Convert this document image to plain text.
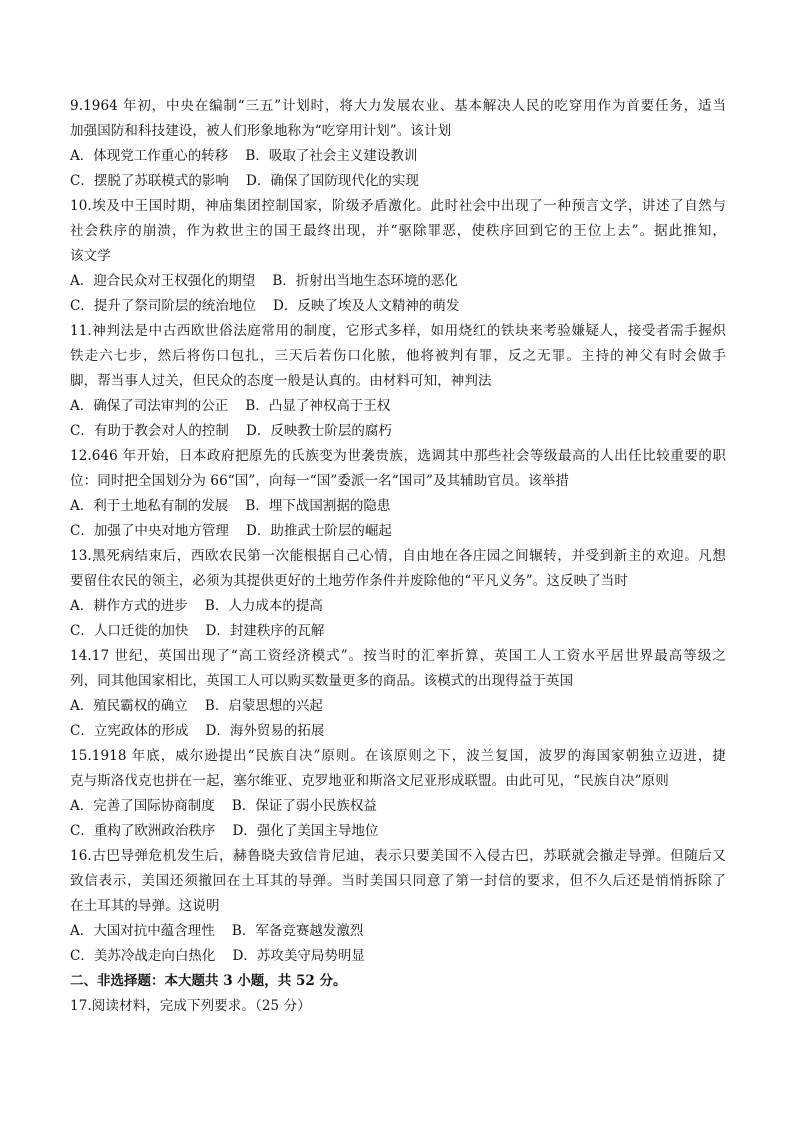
9.1964 年初，中央在编制“三五”计划时，将大力发展农业、基本解决人民的吃穿用作为首要任务，适当
加强国防和科技建设，被人们形象地称为“吃穿用计划”。该计划
A．体现党工作重心的转移    B．吸取了社会主义建设教训
C．摆脱了苏联模式的影响    D．确保了国防现代化的实现
10.埃及中王国时期，神庙集团控制国家，阶级矛盾激化。此时社会中出现了一种预言文学，讲述了自然与
社会秩序的崩溃，作为救世主的国王最终出现，并“驱除罪恶，使秩序回到它的王位上去”。据此推知，
该文学
A．迎合民众对王权强化的期望    B．折射出当地生态环境的恶化
C．提升了祭司阶层的统治地位    D．反映了埃及人文精神的萌发
11.神判法是中古西欧世俗法庭常用的制度，它形式多样，如用烧红的铁块来考验嫌疑人，接受者需手握炽
铁走六七步，然后将伤口包扎，三天后若伤口化脓，他将被判有罪，反之无罪。主持的神父有时会做手
脚，帮当事人过关，但民众的态度一般是认真的。由材料可知，神判法
A．确保了司法审判的公正    B．凸显了神权高于王权
C．有助于教会对人的控制    D．反映教士阶层的腐朽
12.646 年开始，日本政府把原先的氏族变为世袭贵族，选调其中那些社会等级最高的人出任比较重要的职
位：同时把全国划分为 66“国”，向每一“国”委派一名“国司”及其辅助官员。该举措
A．利于土地私有制的发展    B．埋下战国割据的隐患
C．加强了中央对地方管理    D．助推武士阶层的崛起
13.黑死病结束后，西欧农民第一次能根据自己心情，自由地在各庄园之间辗转，并受到新主的欢迎。凡想
要留住农民的领主，必须为其提供更好的土地劳作条件并废除他的“平凡义务”。这反映了当时
A．耕作方式的进步    B．人力成本的提高
C．人口迁徙的加快    D．封建秩序的瓦解
14.17 世纪，英国出现了“高工资经济模式”。按当时的汇率折算，英国工人工资水平居世界最高等级之
列，同其他国家相比，英国工人可以购买数量更多的商品。该模式的出现得益于英国
A．殖民霸权的确立    B．启蒙思想的兴起
C．立宪政体的形成    D．海外贸易的拓展
15.1918 年底，威尔逊提出“民族自决”原则。在该原则之下，波兰复国，波罗的海国家朝独立迈进，捷
克与斯洛伐克也拼在一起，塞尔维亚、克罗地亚和斯洛文尼亚形成联盟。由此可见，“民族自决”原则
A．完善了国际协商制度    B．保证了弱小民族权益
C．重构了欧洲政治秩序    D．强化了美国主导地位
16.古巴导弹危机发生后，赫鲁晓夫致信肯尼迪，表示只要美国不入侵古巴，苏联就会撤走导弹。但随后又
致信表示，美国还须撤回在土耳其的导弹。当时美国只同意了第一封信的要求，但不久后还是悄悄拆除了
在土耳其的导弹。这说明
A．大国对抗中蕴含理性    B．军备竞赛越发激烈
C．美苏冷战走向白热化    D．苏攻美守局势明显
二、非选择题：本大题共 3 小题，共 52 分。
17.阅读材料，完成下列要求。（25 分）
